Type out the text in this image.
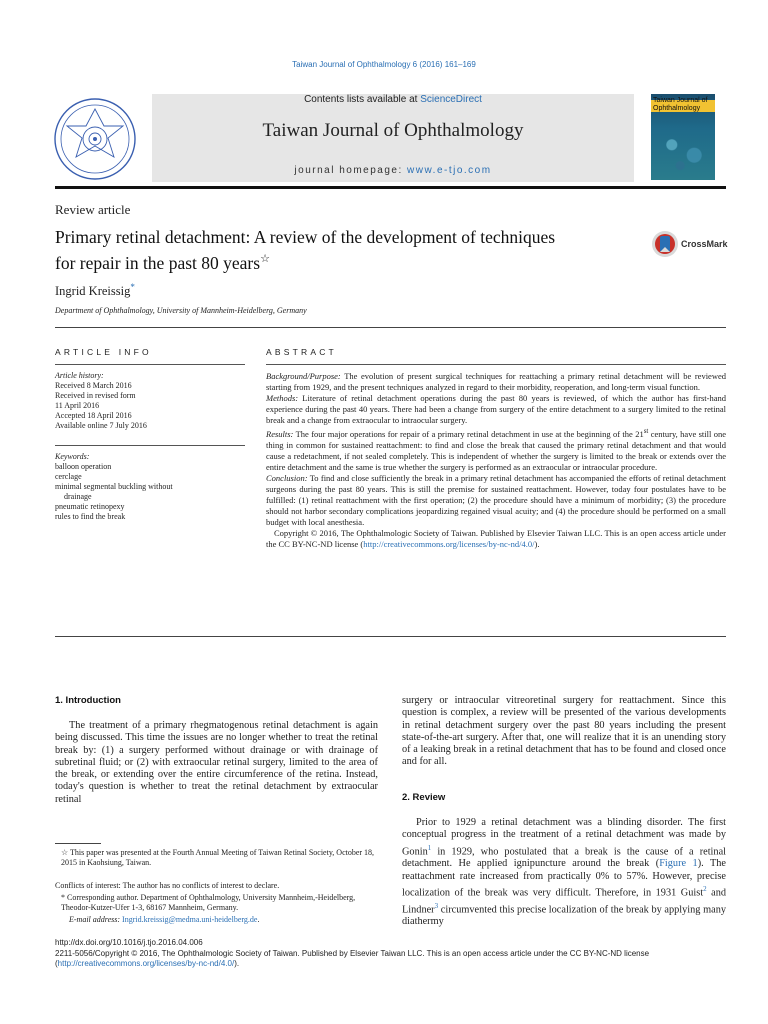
Taiwan Journal of Ophthalmology 6 (2016) 161–169
Contents lists available at ScienceDirect
Taiwan Journal of Ophthalmology
journal homepage: www.e-tjo.com
Taiwan Journal of Ophthalmology
Review article
Primary retinal detachment: A review of the development of techniques for repair in the past 80 years☆
CrossMark
Ingrid Kreissig*
Department of Ophthalmology, University of Mannheim-Heidelberg, Germany
ARTICLE INFO
Article history:
Received 8 March 2016
Received in revised form
11 April 2016
Accepted 18 April 2016
Available online 7 July 2016
Keywords:
balloon operation
cerclage
minimal segmental buckling without
drainage
pneumatic retinopexy
rules to find the break
ABSTRACT
Background/Purpose: The evolution of present surgical techniques for reattaching a primary retinal detachment will be reviewed starting from 1929, and the present techniques analyzed in regard to their morbidity, reoperation, and long-term visual function.
Methods: Literature of retinal detachment operations during the past 80 years is reviewed, of which the author has first-hand experience during the past 40 years. There had been a change from surgery of the entire detachment to a surgery limited to the retinal break and a change from extraocular to intraocular surgery.
Results: The four major operations for repair of a primary retinal detachment in use at the beginning of the 21st century, have still one thing in common for sustained reattachment: to find and close the break that caused the primary retinal detachment and that would cause a redetachment, if not sealed completely. This is independent of whether the surgery is limited to the break or extends over the entire detachment and the same is true whether the surgery is performed as an extraocular or intraocular procedure.
Conclusion: To find and close sufficiently the break in a primary retinal detachment has accompanied the efforts of retinal detachment surgeons during the past 80 years. This is still the premise for sustained reattachment. However, today four postulates have to be fulfilled: (1) retinal reattachment with the first operation; (2) the procedure should have a minimum of morbidity; (3) the procedure should not harbor secondary complications jeopardizing regained visual acuity; and (4) the procedure should be performed on a small budget with local anesthesia.
Copyright © 2016, The Ophthalmologic Society of Taiwan. Published by Elsevier Taiwan LLC. This is an open access article under the CC BY-NC-ND license (http://creativecommons.org/licenses/by-nc-nd/4.0/).
1. Introduction
The treatment of a primary rhegmatogenous retinal detachment is again being discussed. This time the issues are no longer whether to treat the retinal break by: (1) a surgery performed without drainage or with drainage of subretinal fluid; or (2) with extraocular retinal surgery, limited to the area of the break, or extending over the entire circumference of the retina. Instead, today's question is whether to treat the retinal detachment by extraocular retinal
☆ This paper was presented at the Fourth Annual Meeting of Taiwan Retinal Society, October 18, 2015 in Kaohsiung, Taiwan.
Conflicts of interest: The author has no conflicts of interest to declare.
* Corresponding author. Department of Ophthalmology, University Mannheim,-Heidelberg, Theodor-Kutzer-Ufer 1-3, 68167 Mannheim, Germany.
E-mail address: Ingrid.kreissig@medma.uni-heidelberg.de.
surgery or intraocular vitreoretinal surgery for reattachment. Since this question is complex, a review will be presented of the various developments in retinal detachment surgery over the past 80 years including the present state-of-the-art surgery. After that, one will realize that it is an unending story of a leaking break in a retinal detachment that has to be found and closed once and for all.
2. Review
Prior to 1929 a retinal detachment was a blinding disorder. The first conceptual progress in the treatment of a retinal detachment was made by Gonin$^1$ in 1929, who postulated that a break is the cause of a retinal detachment. He applied ignipuncture around the break (Figure 1). The reattachment rate increased from practically 0% to 57%. However, precise localization of the break was very difficult. Therefore, in 1931 Guist$^2$ and Lindner$^3$ circumvented this precise localization of the break by applying many diathermy
http://dx.doi.org/10.1016/j.tjo.2016.04.006
2211-5056/Copyright © 2016, The Ophthalmologic Society of Taiwan. Published by Elsevier Taiwan LLC. This is an open access article under the CC BY-NC-ND license (http://creativecommons.org/licenses/by-nc-nd/4.0/).
